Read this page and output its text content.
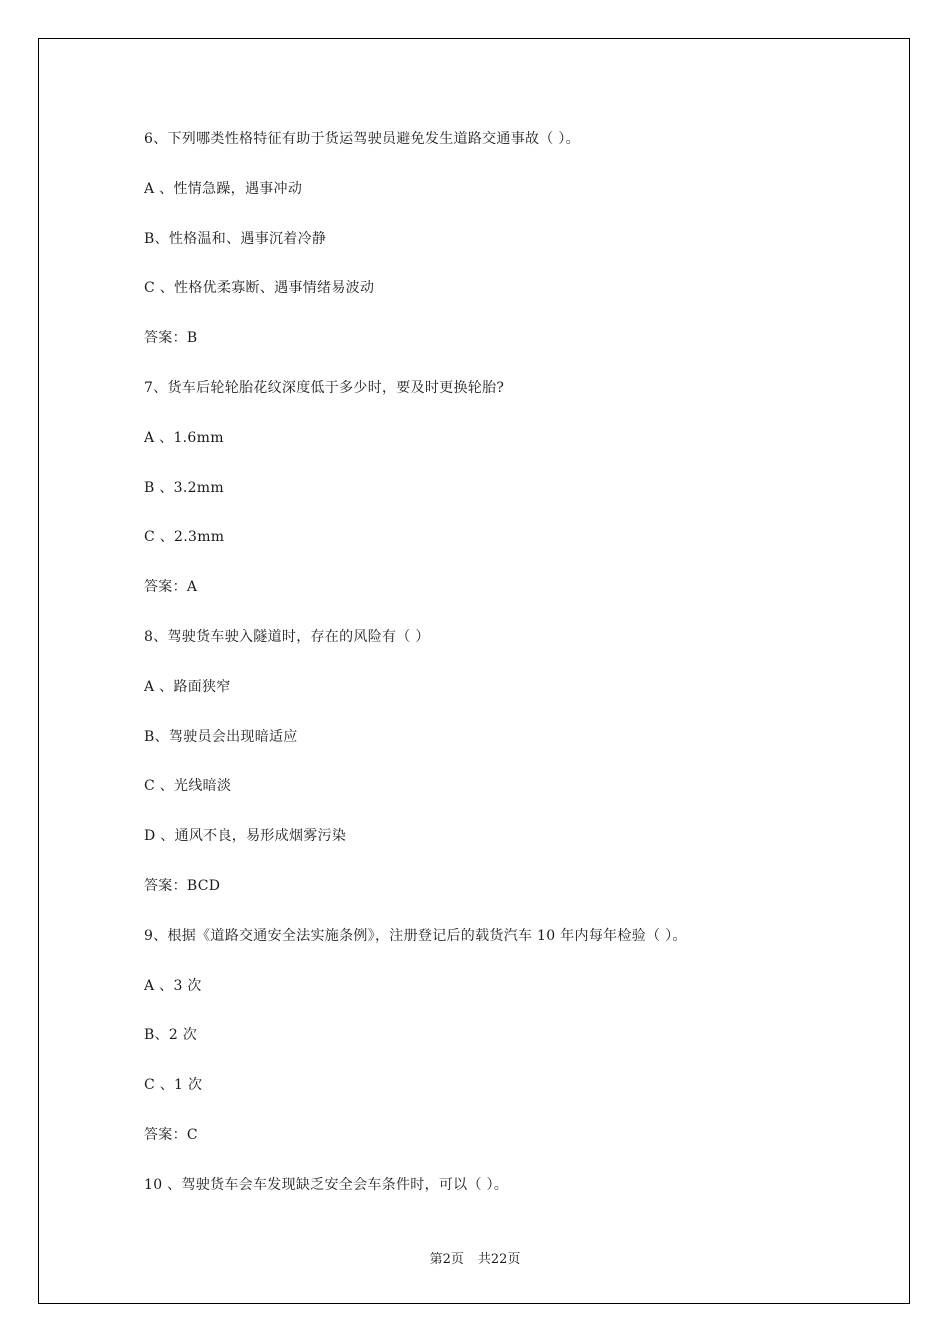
6、下列哪类性格特征有助于货运驾驶员避免发生道路交通事故（ ）。
A 、性情急躁，遇事冲动
B、性格温和、遇事沉着冷静
C 、性格优柔寡断、遇事情绪易波动
答案：B
7、货车后轮轮胎花纹深度低于多少时，要及时更换轮胎?
A 、1.6mm
B 、3.2mm
C 、2.3mm
答案：A
8、驾驶货车驶入隧道时，存在的风险有（ ）
A 、路面狭窄
B、驾驶员会出现暗适应
C 、光线暗淡
D 、通风不良，易形成烟雾污染
答案：BCD
9、根据《道路交通安全法实施条例》，注册登记后的载货汽车 10 年内每年检验（ ）。
A 、3 次
B、2 次
C 、1 次
答案：C
10 、驾驶货车会车发现缺乏安全会车条件时，可以（ ）。
第2页 共22页
